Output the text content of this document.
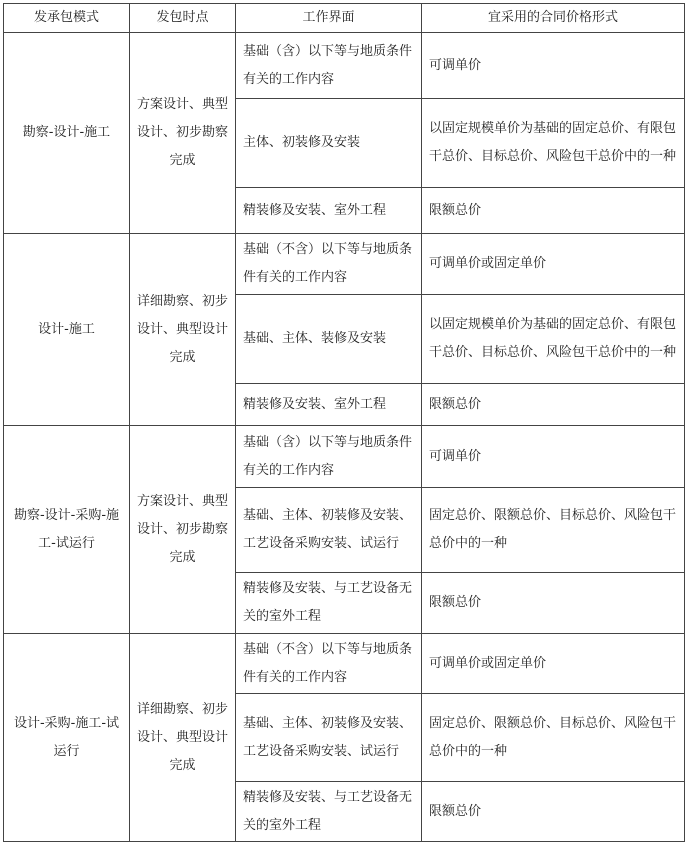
发承包模式	发包时点	工作界面	宜采用的合同价格形式
勘察-设计-施工	方案设计、典型设计、初步勘察完成	基础（含）以下等与地质条件有关的工作内容	可调单价
		主体、初装修及安装	以固定规模单价为基础的固定总价、有限包干总价、目标总价、风险包干总价中的一种
		精装修及安装、室外工程	限额总价
设计-施工	详细勘察、初步设计、典型设计完成	基础（不含）以下等与地质条件有关的工作内容	可调单价或固定单价
		基础、主体、装修及安装	以固定规模单价为基础的固定总价、有限包干总价、目标总价、风险包干总价中的一种
		精装修及安装、室外工程	限额总价
勘察-设计-采购-施工-试运行	方案设计、典型设计、初步勘察完成	基础（含）以下等与地质条件有关的工作内容	可调单价
		基础、主体、初装修及安装、工艺设备采购安装、试运行	固定总价、限额总价、目标总价、风险包干总价中的一种
		精装修及安装、与工艺设备无关的室外工程	限额总价
设计-采购-施工-试运行	详细勘察、初步设计、典型设计完成	基础（不含）以下等与地质条件有关的工作内容	可调单价或固定单价
		基础、主体、初装修及安装、工艺设备采购安装、试运行	固定总价、限额总价、目标总价、风险包干总价中的一种
		精装修及安装、与工艺设备无关的室外工程	限额总价
